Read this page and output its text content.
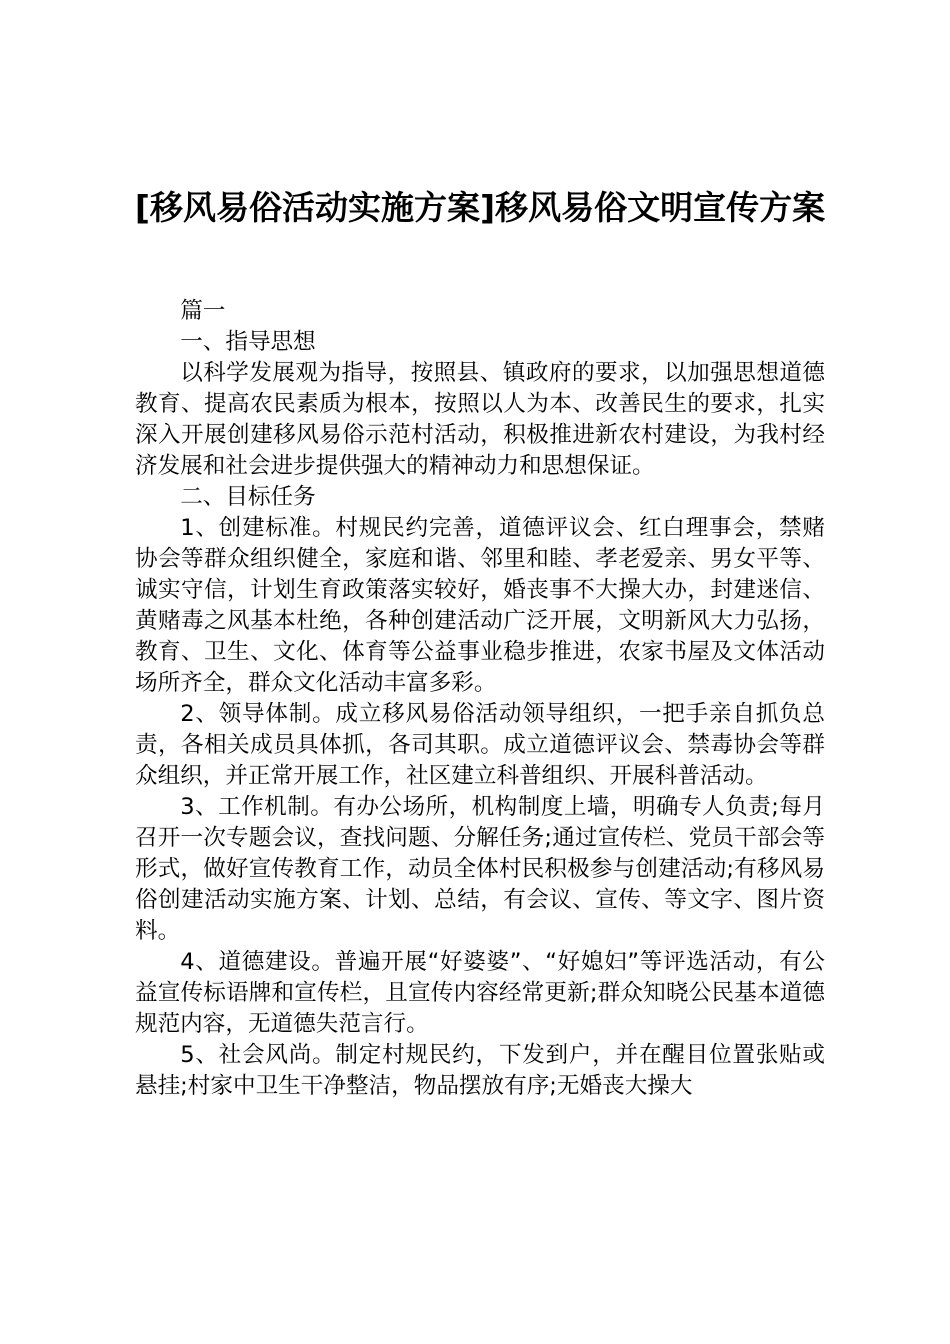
[移风易俗活动实施方案]移风易俗文明宣传方案

篇一

一、指导思想

以科学发展观为指导，按照县、镇政府的要求，以加强思想道德教育、提高农民素质为根本，按照以人为本、改善民生的要求，扎实深入开展创建移风易俗示范村活动，积极推进新农村建设，为我村经济发展和社会进步提供强大的精神动力和思想保证。

二、目标任务

1、创建标准。村规民约完善，道德评议会、红白理事会，禁赌协会等群众组织健全，家庭和谐、邻里和睦、孝老爱亲、男女平等、诚实守信，计划生育政策落实较好，婚丧事不大操大办，封建迷信、黄赌毒之风基本杜绝，各种创建活动广泛开展，文明新风大力弘扬，教育、卫生、文化、体育等公益事业稳步推进，农家书屋及文体活动场所齐全，群众文化活动丰富多彩。

2、领导体制。成立移风易俗活动领导组织，一把手亲自抓负总责，各相关成员具体抓，各司其职。成立道德评议会、禁毒协会等群众组织，并正常开展工作，社区建立科普组织、开展科普活动。

3、工作机制。有办公场所，机构制度上墙，明确专人负责;每月召开一次专题会议，查找问题、分解任务;通过宣传栏、党员干部会等形式，做好宣传教育工作，动员全体村民积极参与创建活动;有移风易俗创建活动实施方案、计划、总结，有会议、宣传、等文字、图片资料。

4、道德建设。普遍开展“好婆婆”、“好媳妇”等评选活动，有公益宣传标语牌和宣传栏，且宣传内容经常更新;群众知晓公民基本道德规范内容，无道德失范言行。

5、社会风尚。制定村规民约，下发到户，并在醒目位置张贴或悬挂;村家中卫生干净整洁，物品摆放有序;无婚丧大操大
